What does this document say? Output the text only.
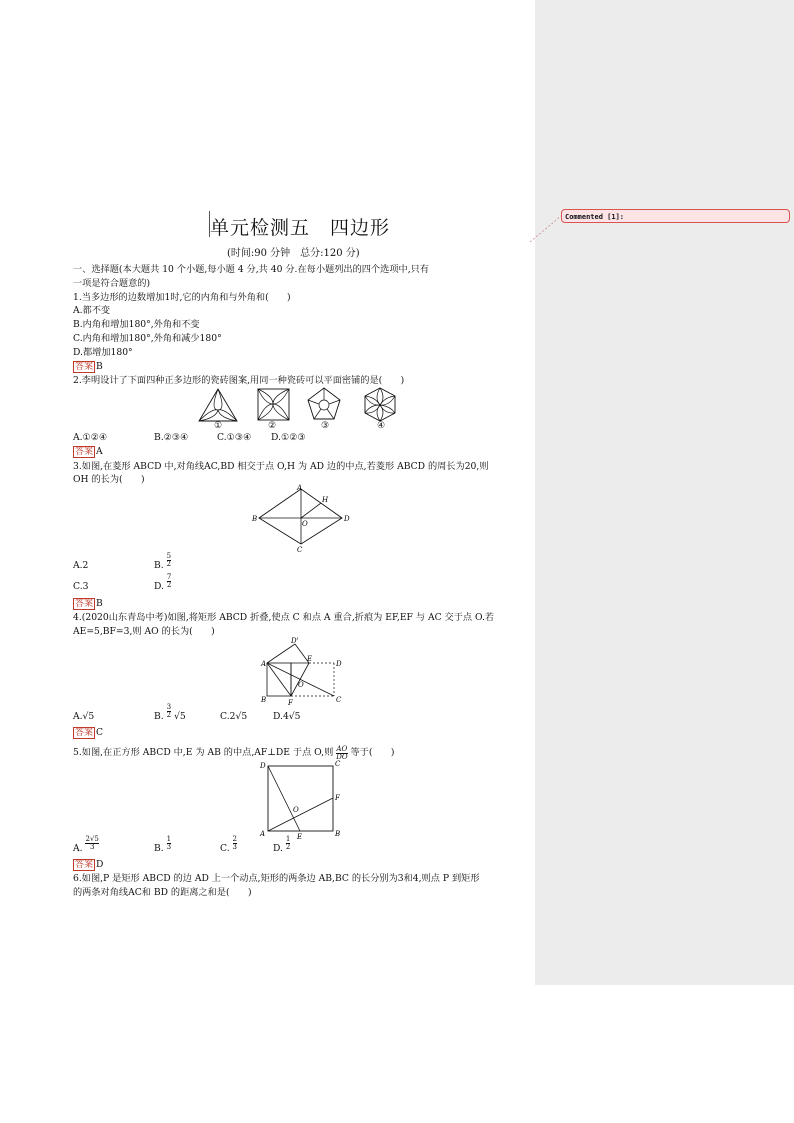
Commented [1]:
单元检测五　四边形
(时间:90 分钟　总分:120 分)
一、选择题(本大题共 10 个小题,每小题 4 分,共 40 分.在每小题列出的四个选项中,只有
一项是符合题意的)
1.当多边形的边数增加1时,它的内角和与外角和(　　)
A.都不变
B.内角和增加180°,外角和不变
C.内角和增加180°,外角和减少180°
D.都增加180°
答案 B
2.李明设计了下面四种正多边形的瓷砖图案,用同一种瓷砖可以平面密铺的是(　　)
①	②	③	④
A.①②④	B.②③④	C.①③④ D.①②③
答案 A
3.如图,在菱形 ABCD 中,对角线AC,BD 相交于点 O,H 为 AD 边的中点,若菱形 ABCD 的周长为20,则
OH 的长为(　　)
A
B
C
D
H
O
A.2	B. $\frac{5}{2}$
C.3	D. $\frac{7}{2}$
答案 B
4.(2020山东青岛中考)如图,将矩形 ABCD 折叠,使点 C 和点 A 重合,折痕为 EF,EF 与 AC 交于点 O.若
AE=5,BF=3,则 AO 的长为(　　)
A
B	C
D
D'
E
F
O
A.√5	B. $\frac{3}{2} √5$	C.2√5	D.4√5
答案 C
5.如图,在正方形 ABCD 中,E 为 AB 的中点,AF⊥DE 于点 O,则 $\frac{AO}{DO}$ 等于(　　)
A	B
C
D
E
F
O
A. $\frac{2√5}{3}$	B. $\frac{1}{3}$	C. $\frac{2}{3}$	D. $\frac{1}{2}$
答案 D
6.如图,P 是矩形 ABCD 的边 AD 上一个动点,矩形的两条边 AB,BC 的长分别为3和4,则点 P 到矩形
的两条对角线AC和 BD 的距离之和是(　　)
